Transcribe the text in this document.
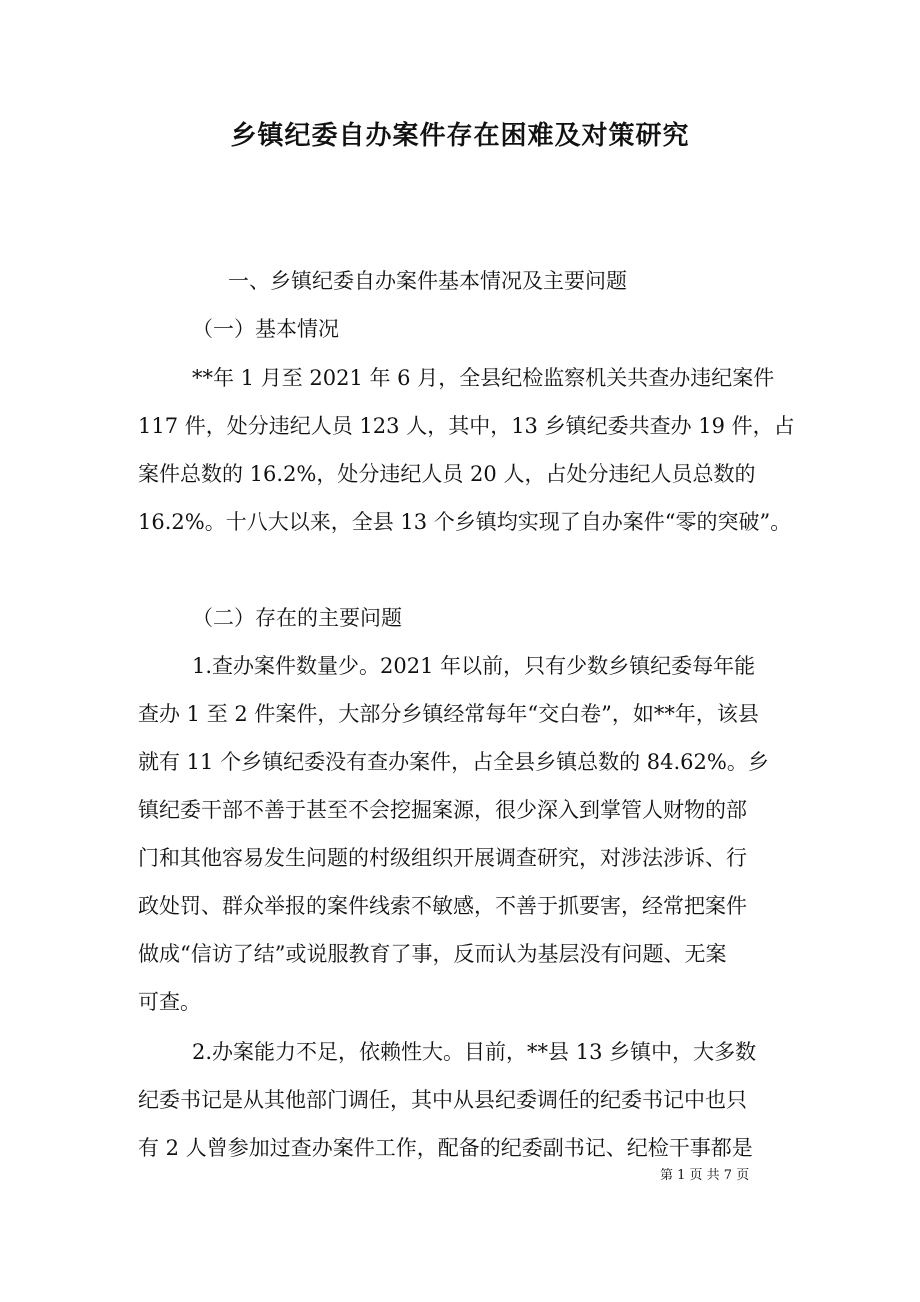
乡镇纪委自办案件存在困难及对策研究
一、乡镇纪委自办案件基本情况及主要问题
（一）基本情况
**年 1 月至 2021 年 6 月，全县纪检监察机关共查办违纪案件
117 件，处分违纪人员 123 人，其中，13 乡镇纪委共查办 19 件，占
案件总数的 16.2%，处分违纪人员 20 人，占处分违纪人员总数的
16.2%。十八大以来，全县 13 个乡镇均实现了自办案件“零的突破”。
（二）存在的主要问题
1.查办案件数量少。2021 年以前，只有少数乡镇纪委每年能
查办 1 至 2 件案件，大部分乡镇经常每年“交白卷”，如**年，该县
就有 11 个乡镇纪委没有查办案件，占全县乡镇总数的 84.62%。乡
镇纪委干部不善于甚至不会挖掘案源，很少深入到掌管人财物的部
门和其他容易发生问题的村级组织开展调查研究，对涉法涉诉、行
政处罚、群众举报的案件线索不敏感，不善于抓要害，经常把案件
做成“信访了结”或说服教育了事，反而认为基层没有问题、无案
可查。
2.办案能力不足，依赖性大。目前，**县 13 乡镇中，大多数
纪委书记是从其他部门调任，其中从县纪委调任的纪委书记中也只
有 2 人曾参加过查办案件工作，配备的纪委副书记、纪检干事都是
第 1 页 共 7 页
